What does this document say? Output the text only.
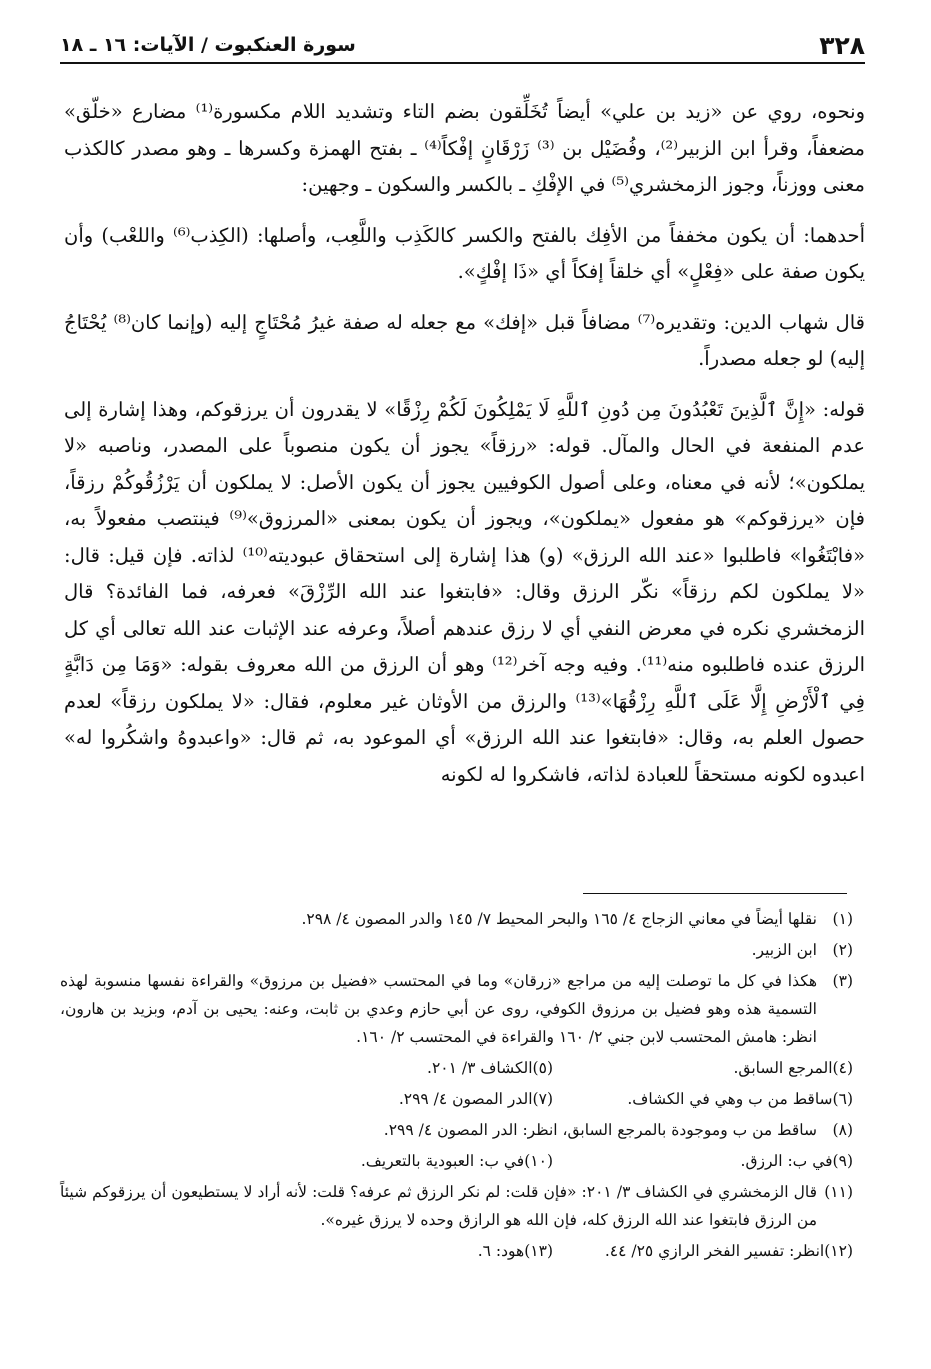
٣٢٨
سورة العنكبوت / الآيات: ١٦ ـ ١٨

ونحوه، روي عن «زيد بن علي» أيضاً تُخَلِّقون بضم التاء وتشديد اللام مكسورة⁽¹⁾ مضارع «خلّق» مضعفاً، وقرأ ابن الزبير⁽²⁾، وفُضَيْل بن ⁽³⁾ زَرْقَانٍ إفْكاً⁽⁴⁾ ـ بفتح الهمزة وكسرها ـ وهو مصدر كالكذب معنى ووزناً، وجوز الزمخشري⁽⁵⁾ في الإفْكِ ـ بالكسر والسكون ـ وجهين:

أحدهما: أن يكون مخففاً من الأفِك بالفتح والكسر كالكَذِب واللَّعِب، وأصلها: (الكِذب⁽⁶⁾ واللعْب) وأن يكون صفة على «فِعْلٍ» أي خلقاً إفكاً أي «ذَا إفْكٍ».

قال شهاب الدين: وتقديره⁽⁷⁾ مضافاً قبل «إفك» مع جعله له صفة غيرُ مُحْتَاجٍ إليه (وإنما كان⁽⁸⁾ يُحْتَاجُ إليه) لو جعله مصدراً.

قوله: «إِنَّ ٱلَّذِينَ تَعْبُدُونَ مِن دُونِ ٱللَّهِ لَا يَمْلِكُونَ لَكُمْ رِزْقًا» لا يقدرون أن يرزقوكم، وهذا إشارة إلى عدم المنفعة في الحال والمآل. قوله: «رزقاً» يجوز أن يكون منصوباً على المصدر، وناصبه «لا يملكون»؛ لأنه في معناه، وعلى أصول الكوفيين يجوز أن يكون الأصل: لا يملكون أن يَرْزُقُوكُمْ رزقاً، فإن «يرزقوكم» هو مفعول «يملكون»، ويجوز أن يكون بمعنى «المرزوق»⁽⁹⁾ فينتصب مفعولاً به، «فابْتَغُوا» فاطلبوا «عند الله الرزق» (و) هذا إشارة إلى استحقاق عبوديته⁽¹⁰⁾ لذاته. فإن قيل: قال: «لا يملكون لكم رزقاً» نكّر الرزق وقال: «فابتغوا عند الله الرِّزْقَ» فعرفه، فما الفائدة؟ قال الزمخشري نكره في معرض النفي أي لا رزق عندهم أصلاً، وعرفه عند الإثبات عند الله تعالى أي كل الرزق عنده فاطلبوه منه⁽¹¹⁾. وفيه وجه آخر⁽¹²⁾ وهو أن الرزق من الله معروف بقوله: «وَمَا مِن دَابَّةٍ فِي ٱلْأَرْضِ إِلَّا عَلَى ٱللَّهِ رِزْقُهَا»⁽¹³⁾ والرزق من الأوثان غير معلوم، فقال: «لا يملكون رزقاً» لعدم حصول العلم به، وقال: «فابتغوا عند الله الرزق» أي الموعود به، ثم قال: «واعبدوهُ واشكُروا له» اعبدوه لكونه مستحقاً للعبادة لذاته، فاشكروا له لكونه

(١)
نقلها أيضاً في معاني الزجاج ٤/ ١٦٥ والبحر المحيط ٧/ ١٤٥ والدر المصون ٤/ ٢٩٨.
(٢)
ابن الزبير.
(٣)
هكذا في كل ما توصلت إليه من مراجع «زرقان» وما في المحتسب «فضيل بن مرزوق» والقراءة نفسها منسوبة لهذه التسمية هذه وهو فضيل بن مرزوق الكوفي، روى عن أبي حازم وعدي بن ثابت، وعنه: يحيى بن آدم، وبزيد بن هارون، انظر: هامش المحتسب لابن جني ٢/ ١٦٠ والقراءة في المحتسب ٢/ ١٦٠.
(٤)
المرجع السابق.
(٥)
الكشاف ٣/ ٢٠١.
(٦)
ساقط من ب وهي في الكشاف.
(٧)
الدر المصون ٤/ ٢٩٩.
(٨)
ساقط من ب وموجودة بالمرجع السابق، انظر: الدر المصون ٤/ ٢٩٩.
(٩)
في ب: الرزق.
(١٠)
في ب: العبودية بالتعريف.
(١١)
قال الزمخشري في الكشاف ٣/ ٢٠١: «فإن قلت: لم نكر الرزق ثم عرفه؟ قلت: لأنه أراد لا يستطيعون أن يرزقوكم شيئاً من الرزق فابتغوا عند الله الرزق كله، فإن الله هو الرازق وحده لا يرزق غيره».
(١٢)
انظر: تفسير الفخر الرازي ٢٥/ ٤٤.
(١٣)
هود: ٦.
